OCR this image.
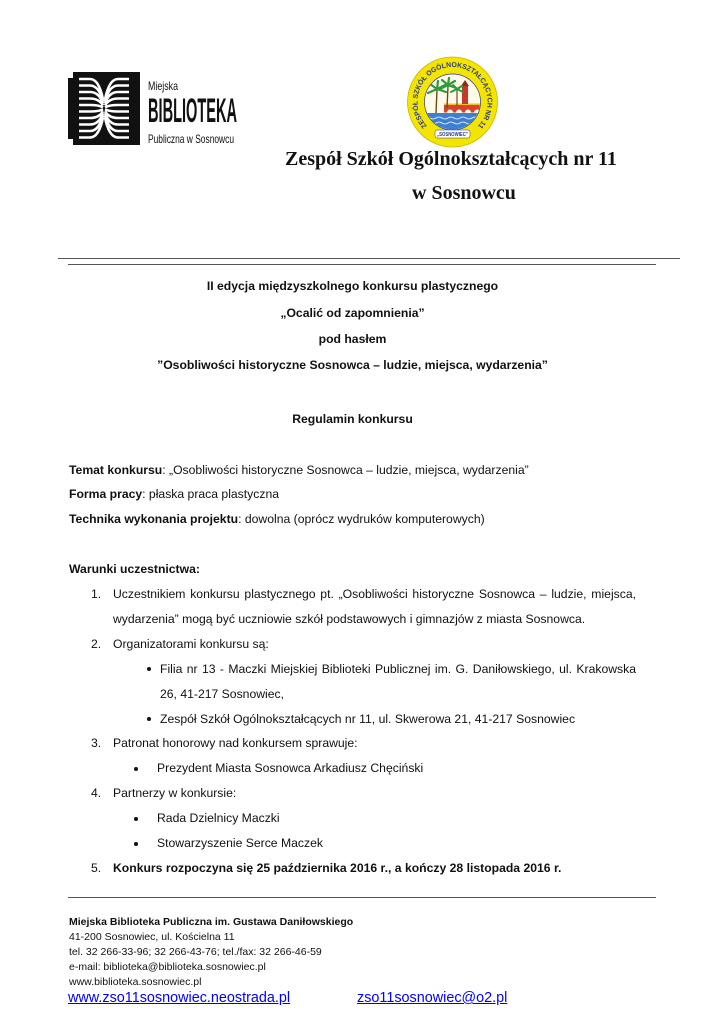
Miejska
BIBLIOTEKA
Publiczna w Sosnowcu
ZESPÓŁ SZKÓŁ OGÓLNOKSZTAŁCĄCYCH NR 11
„SOSNOWIEC”
Zespół Szkół Ogólnokształcących nr 11
w Sosnowcu
II edycja międzyszkolnego konkursu plastycznego
„Ocalić od zapomnienia”
pod hasłem
”Osobliwości historyczne Sosnowca – ludzie, miejsca, wydarzenia”
Regulamin konkursu

Temat konkursu: „Osobliwości historyczne Sosnowca – ludzie, miejsca, wydarzenia”

Forma pracy: płaska praca plastyczna

Technika wykonania projektu: dowolna (oprócz wydruków komputerowych)

Warunki uczestnictwa:

1. Uczestnikiem konkursu plastycznego pt. „Osobliwości historyczne Sosnowca – ludzie, miejsca, wydarzenia” mogą być uczniowie szkół podstawowych i gimnazjów z miasta Sosnowca.
2. Organizatorami konkursu są:
Filia nr 13 - Maczki Miejskiej Biblioteki Publicznej im. G. Daniłowskiego, ul. Krakowska 26, 41-217 Sosnowiec,
Zespół Szkół Ogólnokształcących nr 11, ul. Skwerowa 21, 41-217 Sosnowiec
3. Patronat honorowy nad konkursem sprawuje:
Prezydent Miasta Sosnowca Arkadiusz Chęciński
4. Partnerzy w konkursie:
Rada Dzielnicy Maczki
Stowarzyszenie Serce Maczek
5. Konkurs rozpoczyna się 25 października 2016 r., a kończy 28 listopada 2016 r.
Miejska Biblioteka Publiczna im. Gustawa Daniłowskiego
41-200 Sosnowiec, ul. Kościelna 11
tel. 32 266-33-96; 32 266-43-76; tel./fax: 32 266-46-59
e-mail: biblioteka@biblioteka.sosnowiec.pl
www.biblioteka.sosnowiec.pl
www.zso11sosnowiec.neostrada.pl	zso11sosnowiec@o2.pl
